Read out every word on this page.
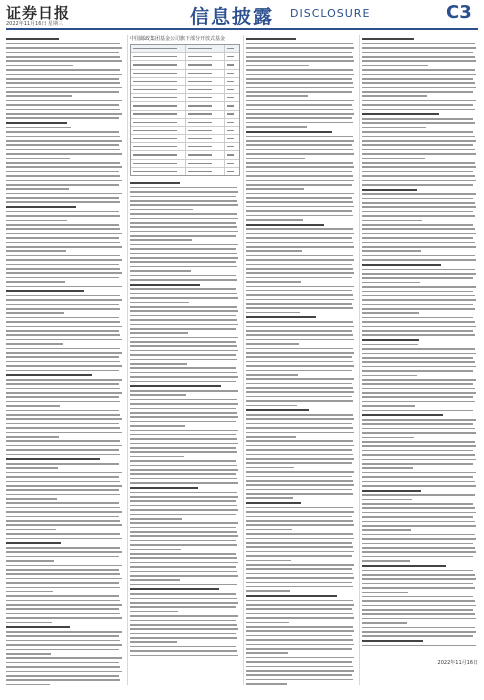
证券日报
2022年11月16日 星期三	信息披露 DISCLOSURE	C3
中国邮政集团基金公司旗下部分开放式基金
2022年11月16日
